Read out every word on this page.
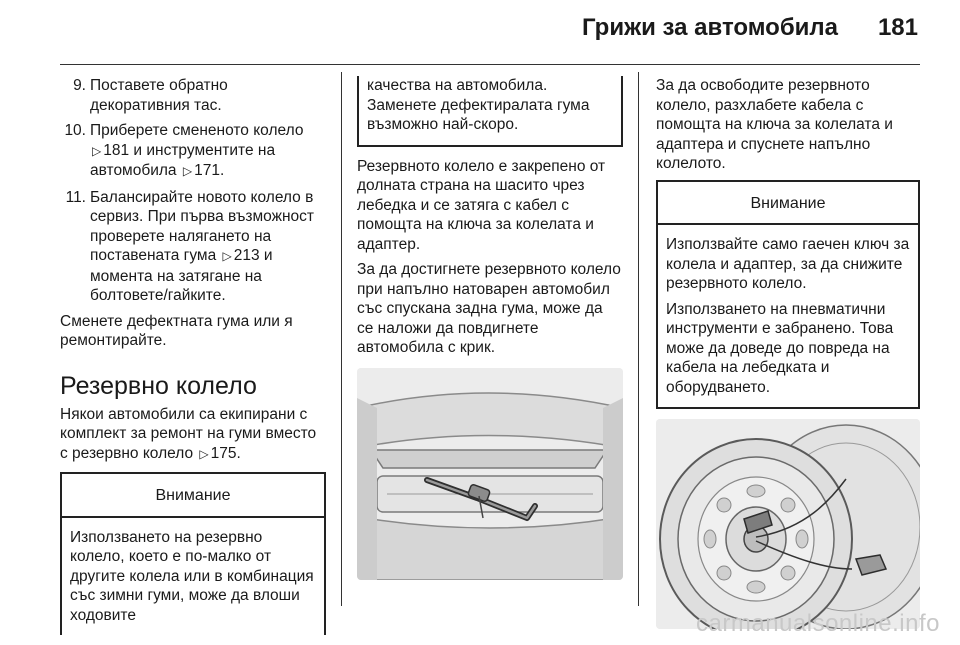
Грижи за автомобила 181
9. Поставете обратно декоративния тас.
10. Приберете смененото колело
▷ 181 и инструментите на автомобила ▷ 171.
11. Балансирайте новото колело в сервиз. При първа възможност проверете налягането на поставената гума ▷ 213 и момента на затягане на болтовете/гайките.

Сменете дефектната гума или я ремонтирайте.

Резервно колело

Някои автомобили са екипирани с комплект за ремонт на гуми вместо с резервно колело ▷ 175.

Внимание

Използването на резервно колело, което е по-малко от другите колела или в комбинация със зимни гуми, може да влоши ходовите

качества на автомобила. Заменете дефектиралата гума възможно най-скоро.

Резервното колело е закрепено от долната страна на шасито чрез лебедка и се затяга с кабел с помощта на ключа за колелата и адаптер.

За да достигнете резервното колело при напълно натоварен автомобил със спускана задна гума, може да се наложи да повдигнете автомобила с крик.

За да освободите резервното колело, разхлабете кабела с помощта на ключа за колелата и адаптера и спуснете напълно колелото.

Внимание

Използвайте само гаечен ключ за колела и адаптер, за да снижите резервното колело.

Използването на пневматични инструменти е забранено. Това може да доведе до повреда на кабела на лебедката и оборудването.

carmanualsonline.info
